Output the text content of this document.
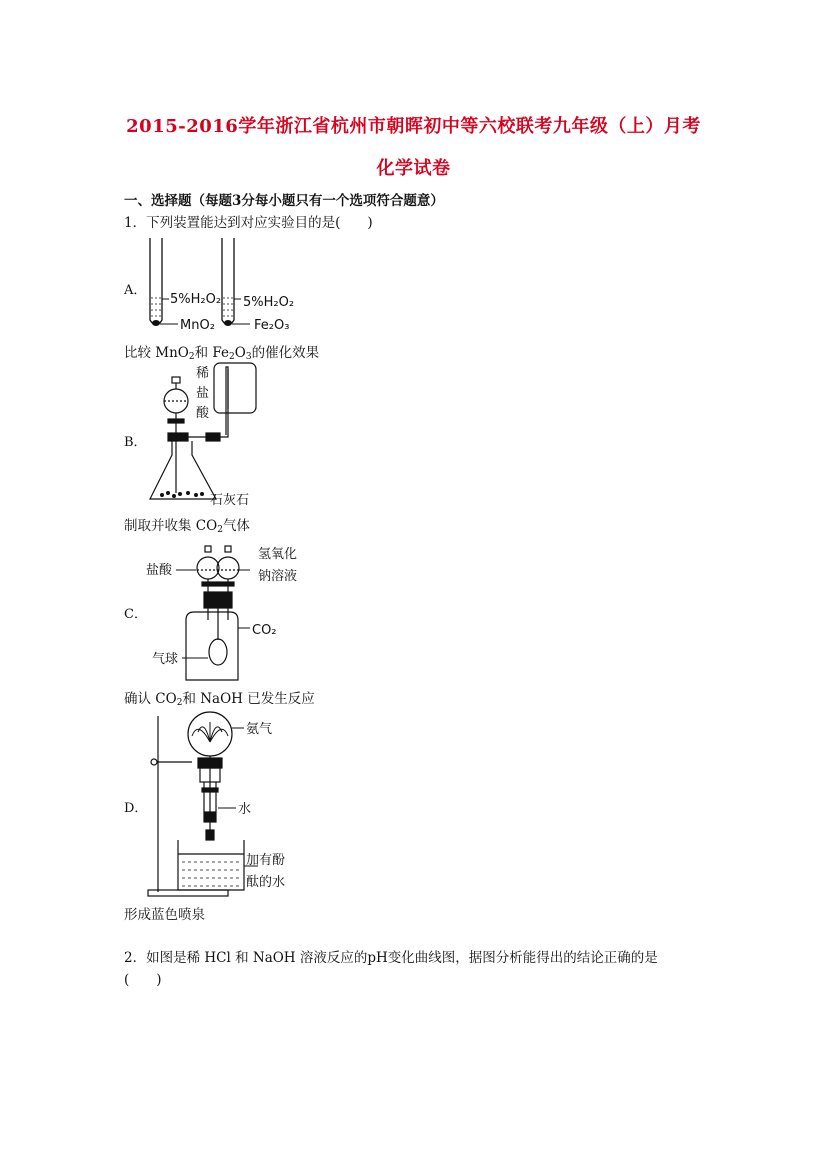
2015-2016学年浙江省杭州市朝晖初中等六校联考九年级（上）月考
化学试卷
一、选择题（每题3分每小题只有一个选项符合题意）
1．下列装置能达到对应实验目的是(　　)
A．
5%H₂O₂
MnO₂
5%H₂O₂
Fe₂O₃
比较 MnO$_2$和 $Fe_2O_3$的催化效果
B．
稀
盐
酸
石灰石
制取并收集 $CO_2$气体
C．
盐酸
氢氧化
钠溶液
CO₂
气球
确认 $CO_2$和 NaOH 已发生反应
D．
氨气
水
加有酚
酞的水
形成蓝色喷泉
2．如图是稀 HCl 和 NaOH 溶液反应的pH变化曲线图，据图分析能得出的结论正确的是
(　　)
